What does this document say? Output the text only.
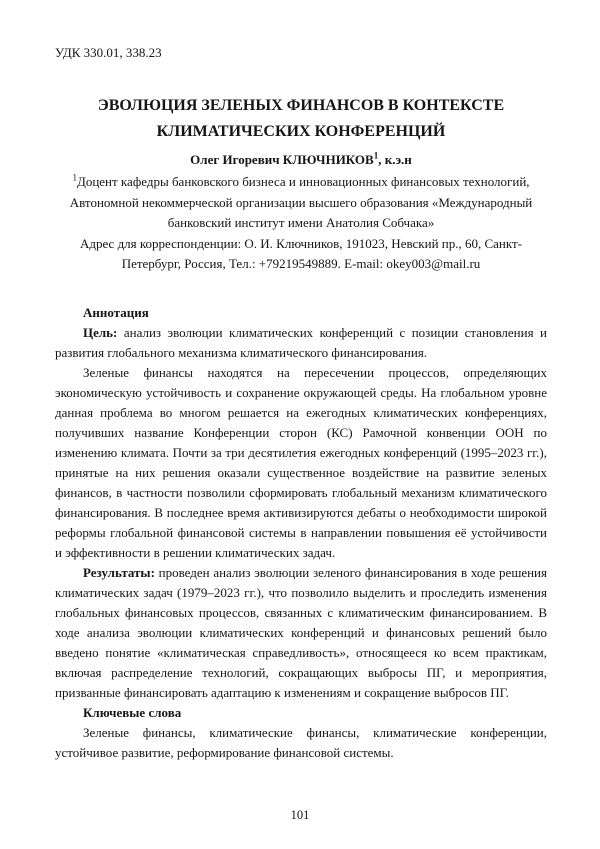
УДК 330.01, 338.23

ЭВОЛЮЦИЯ ЗЕЛЕНЫХ ФИНАНСОВ В КОНТЕКСТЕ КЛИМАТИЧЕСКИХ КОНФЕРЕНЦИЙ

Олег Игоревич КЛЮЧНИКОВ$^1$, к.э.н

$^1$Доцент кафедры банковского бизнеса и инновационных финансовых технологий, Автономной некоммерческой организации высшего образования «Международный банковский институт имени Анатолия Собчака»

Адрес для корреспонденции: О. И. Ключников, 191023, Невский пр., 60, Санкт-Петербург, Россия, Тел.: +79219549889. E-mail: okey003@mail.ru

Аннотация

Цель: анализ эволюции климатических конференций с позиции становления и развития глобального механизма климатического финансирования.

Зеленые финансы находятся на пересечении процессов, определяющих экономическую устойчивость и сохранение окружающей среды. На глобальном уровне данная проблема во многом решается на ежегодных климатических конференциях, получивших название Конференции сторон (КС) Рамочной конвенции ООН по изменению климата. Почти за три десятилетия ежегодных конференций (1995–2023 гг.), принятые на них решения оказали существенное воздействие на развитие зеленых финансов, в частности позволили сформировать глобальный механизм климатического финансирования. В последнее время активизируются дебаты о необходимости широкой реформы глобальной финансовой системы в направлении повышения её устойчивости и эффективности в решении климатических задач.

Результаты: проведен анализ эволюции зеленого финансирования в ходе решения климатических задач (1979–2023 гг.), что позволило выделить и проследить изменения глобальных финансовых процессов, связанных с климатическим финансированием. В ходе анализа эволюции климатических конференций и финансовых решений было введено понятие «климатическая справедливость», относящееся ко всем практикам, включая распределение технологий, сокращающих выбросы ПГ, и мероприятия, призванные финансировать адаптацию к изменениям и сокращение выбросов ПГ.

Ключевые слова

Зеленые финансы, климатические финансы, климатические конференции, устойчивое развитие, реформирование финансовой системы.

101
